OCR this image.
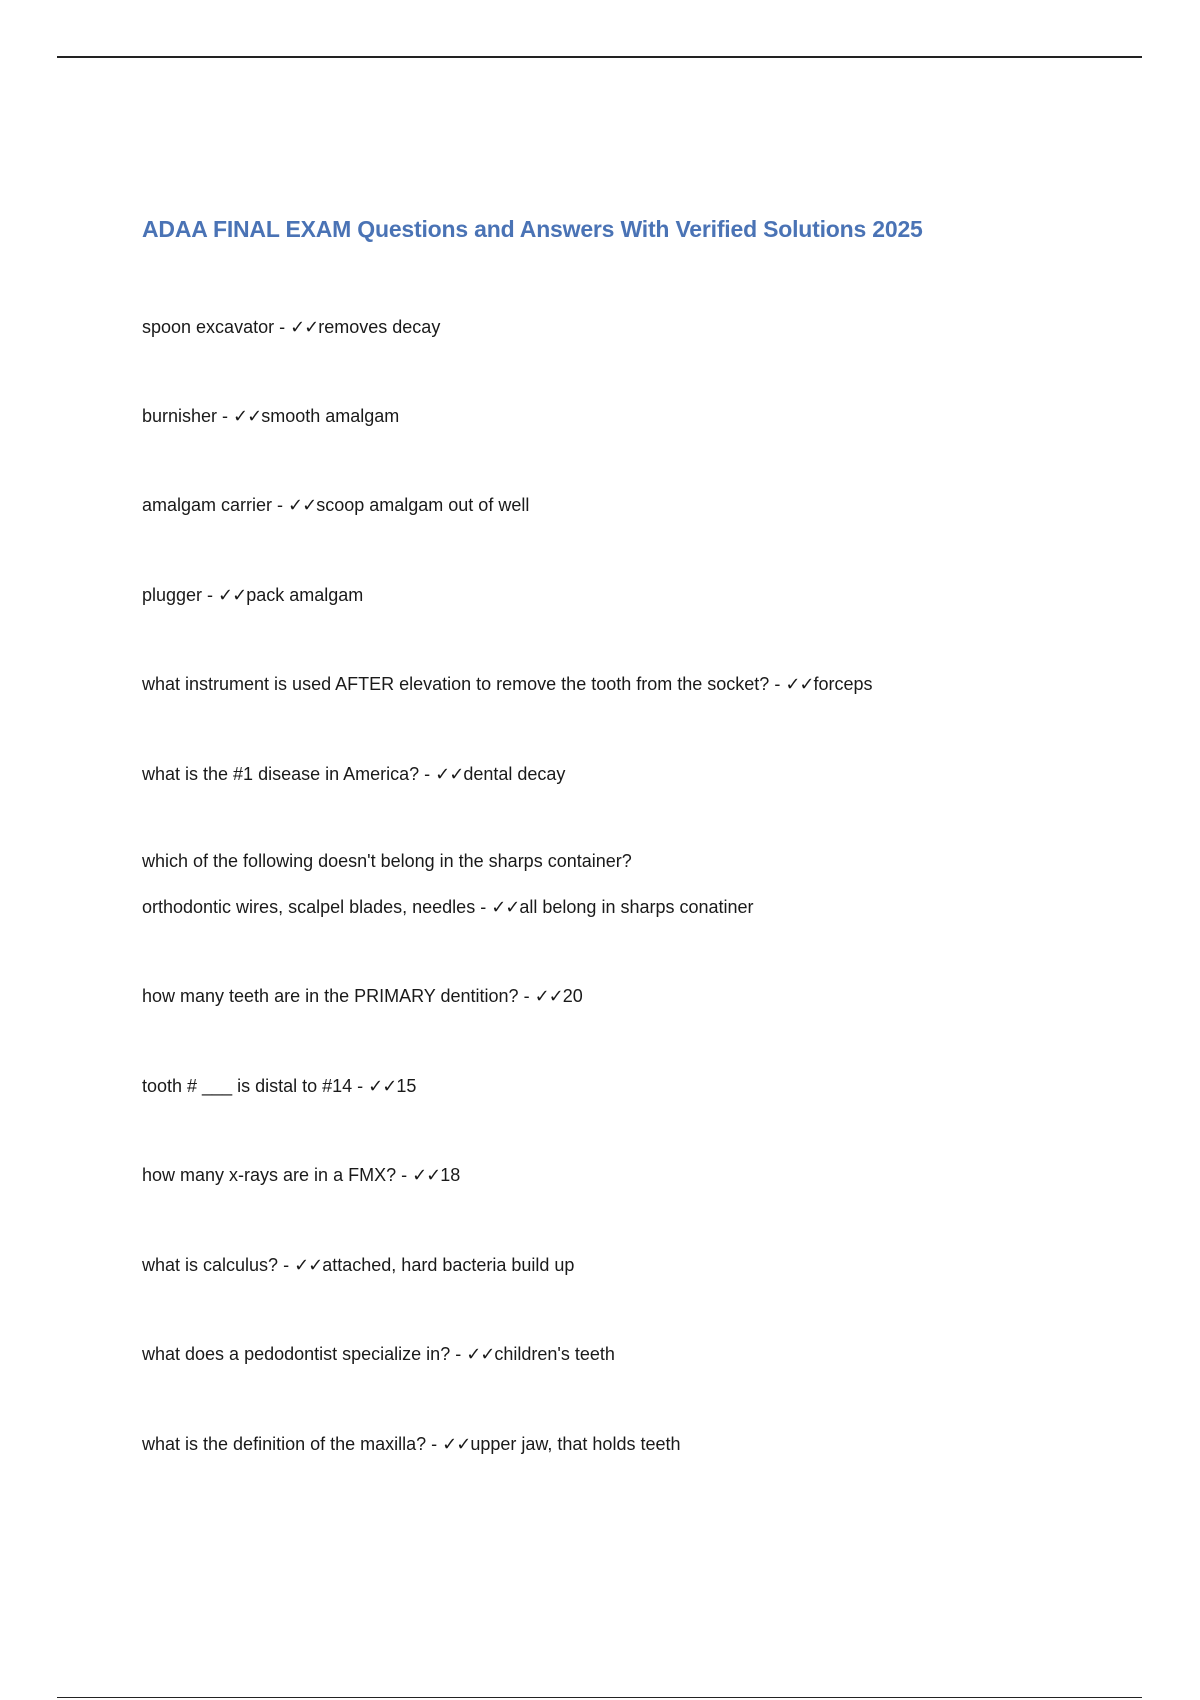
ADAA FINAL EXAM Questions and Answers With Verified Solutions 2025

spoon excavator - ✓✓removes decay

burnisher - ✓✓smooth amalgam

amalgam carrier - ✓✓scoop amalgam out of well

plugger - ✓✓pack amalgam

what instrument is used AFTER elevation to remove the tooth from the socket? - ✓✓forceps

what is the #1 disease in America? - ✓✓dental decay

which of the following doesn't belong in the sharps container?

orthodontic wires, scalpel blades, needles - ✓✓all belong in sharps conatiner

how many teeth are in the PRIMARY dentition? - ✓✓20

tooth # ___ is distal to #14 - ✓✓15

how many x-rays are in a FMX? - ✓✓18

what is calculus? - ✓✓attached, hard bacteria build up

what does a pedodontist specialize in? - ✓✓children's teeth

what is the definition of the maxilla? - ✓✓upper jaw, that holds teeth
